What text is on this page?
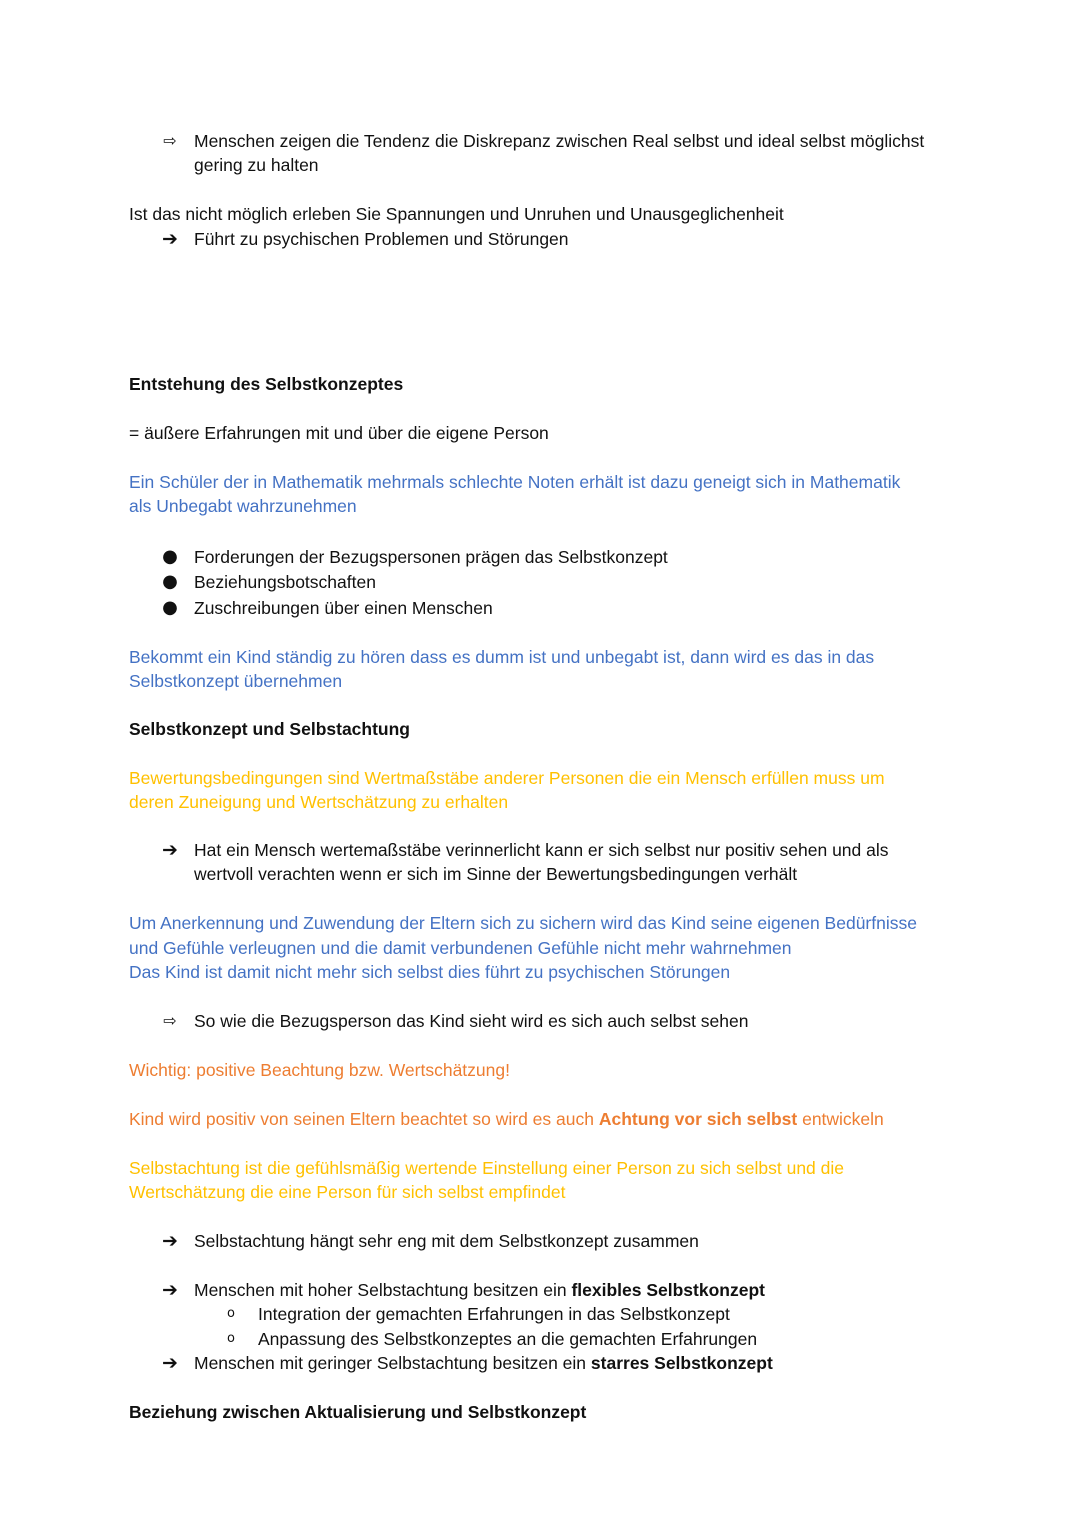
⇨ Menschen zeigen die Tendenz die Diskrepanz zwischen Real selbst und ideal selbst möglichst
gering zu halten
Ist das nicht möglich erleben Sie Spannungen und Unruhen und Unausgeglichenheit
➔ Führt zu psychischen Problemen und Störungen
Entstehung des Selbstkonzeptes
= äußere Erfahrungen mit und über die eigene Person
Ein Schüler der in Mathematik mehrmals schlechte Noten erhält ist dazu geneigt sich in Mathematik
als Unbegabt wahrzunehmen
● Forderungen der Bezugspersonen prägen das Selbstkonzept
● Beziehungsbotschaften
● Zuschreibungen über einen Menschen
Bekommt ein Kind ständig zu hören dass es dumm ist und unbegabt ist, dann wird es das in das
Selbstkonzept übernehmen
Selbstkonzept und Selbstachtung
Bewertungsbedingungen sind Wertmaßstäbe anderer Personen die ein Mensch erfüllen muss um
deren Zuneigung und Wertschätzung zu erhalten
➔ Hat ein Mensch wertemaßstäbe verinnerlicht kann er sich selbst nur positiv sehen und als
wertvoll verachten wenn er sich im Sinne der Bewertungsbedingungen verhält
Um Anerkennung und Zuwendung der Eltern sich zu sichern wird das Kind seine eigenen Bedürfnisse
und Gefühle verleugnen und die damit verbundenen Gefühle nicht mehr wahrnehmen
Das Kind ist damit nicht mehr sich selbst dies führt zu psychischen Störungen
⇨ So wie die Bezugsperson das Kind sieht wird es sich auch selbst sehen
Wichtig: positive Beachtung bzw. Wertschätzung!
Kind wird positiv von seinen Eltern beachtet so wird es auch Achtung vor sich selbst entwickeln
Selbstachtung ist die gefühlsmäßig wertende Einstellung einer Person zu sich selbst und die
Wertschätzung die eine Person für sich selbst empfindet
➔ Selbstachtung hängt sehr eng mit dem Selbstkonzept zusammen
➔ Menschen mit hoher Selbstachtung besitzen ein flexibles Selbstkonzept
o	Integration der gemachten Erfahrungen in das Selbstkonzept
o	Anpassung des Selbstkonzeptes an die gemachten Erfahrungen
➔ Menschen mit geringer Selbstachtung besitzen ein starres Selbstkonzept
Beziehung zwischen Aktualisierung und Selbstkonzept
